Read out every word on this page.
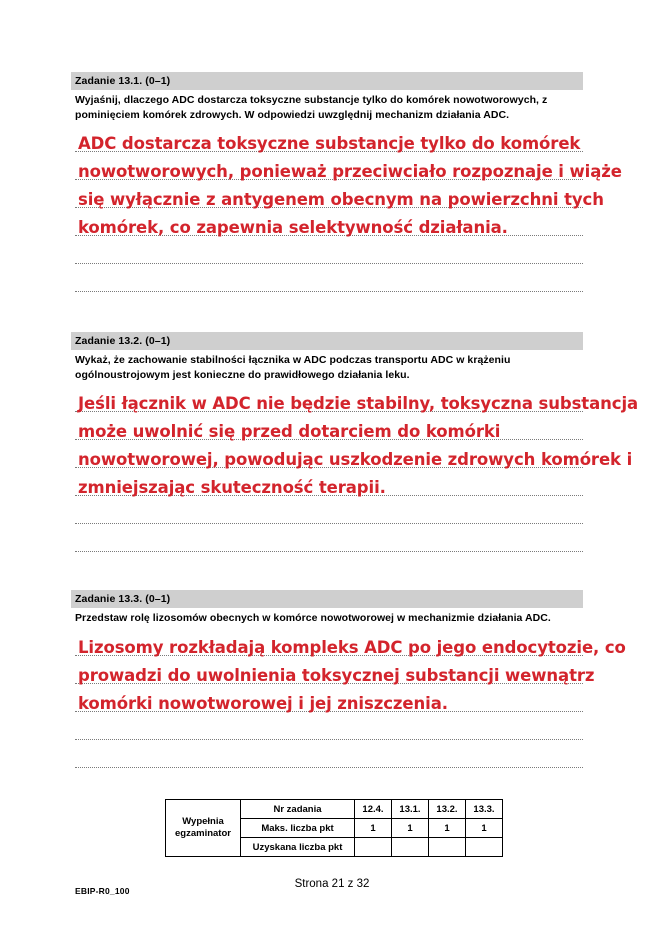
Zadanie 13.1. (0–1)
Wyjaśnij, dlaczego ADC dostarcza toksyczne substancje tylko do komórek nowotworowych, z pominięciem komórek zdrowych. W odpowiedzi uwzględnij mechanizm działania ADC.
ADC dostarcza toksyczne substancje tylko do komórek
nowotworowych, ponieważ przeciwciało rozpoznaje i wiąże
się wyłącznie z antygenem obecnym na powierzchni tych
komórek, co zapewnia selektywność działania.
Zadanie 13.2. (0–1)
Wykaż, że zachowanie stabilności łącznika w ADC podczas transportu ADC w krążeniu ogólnoustrojowym jest konieczne do prawidłowego działania leku.
Jeśli łącznik w ADC nie będzie stabilny, toksyczna substancja
może uwolnić się przed dotarciem do komórki
nowotworowej, powodując uszkodzenie zdrowych komórek i
zmniejszając skuteczność terapii.
Zadanie 13.3. (0–1)
Przedstaw rolę lizosomów obecnych w komórce nowotworowej w mechanizmie działania ADC.
Lizosomy rozkładają kompleks ADC po jego endocytozie, co
prowadzi do uwolnienia toksycznej substancji wewnątrz
komórki nowotworowej i jej zniszczenia.
Wypełnia
egzaminator	Nr zadania	12.4.	13.1.	13.2.	13.3.
	Maks. liczba pkt	1	1	1	1
	Uzyskana liczba pkt				
EBIP-R0_100
Strona 21 z 32
